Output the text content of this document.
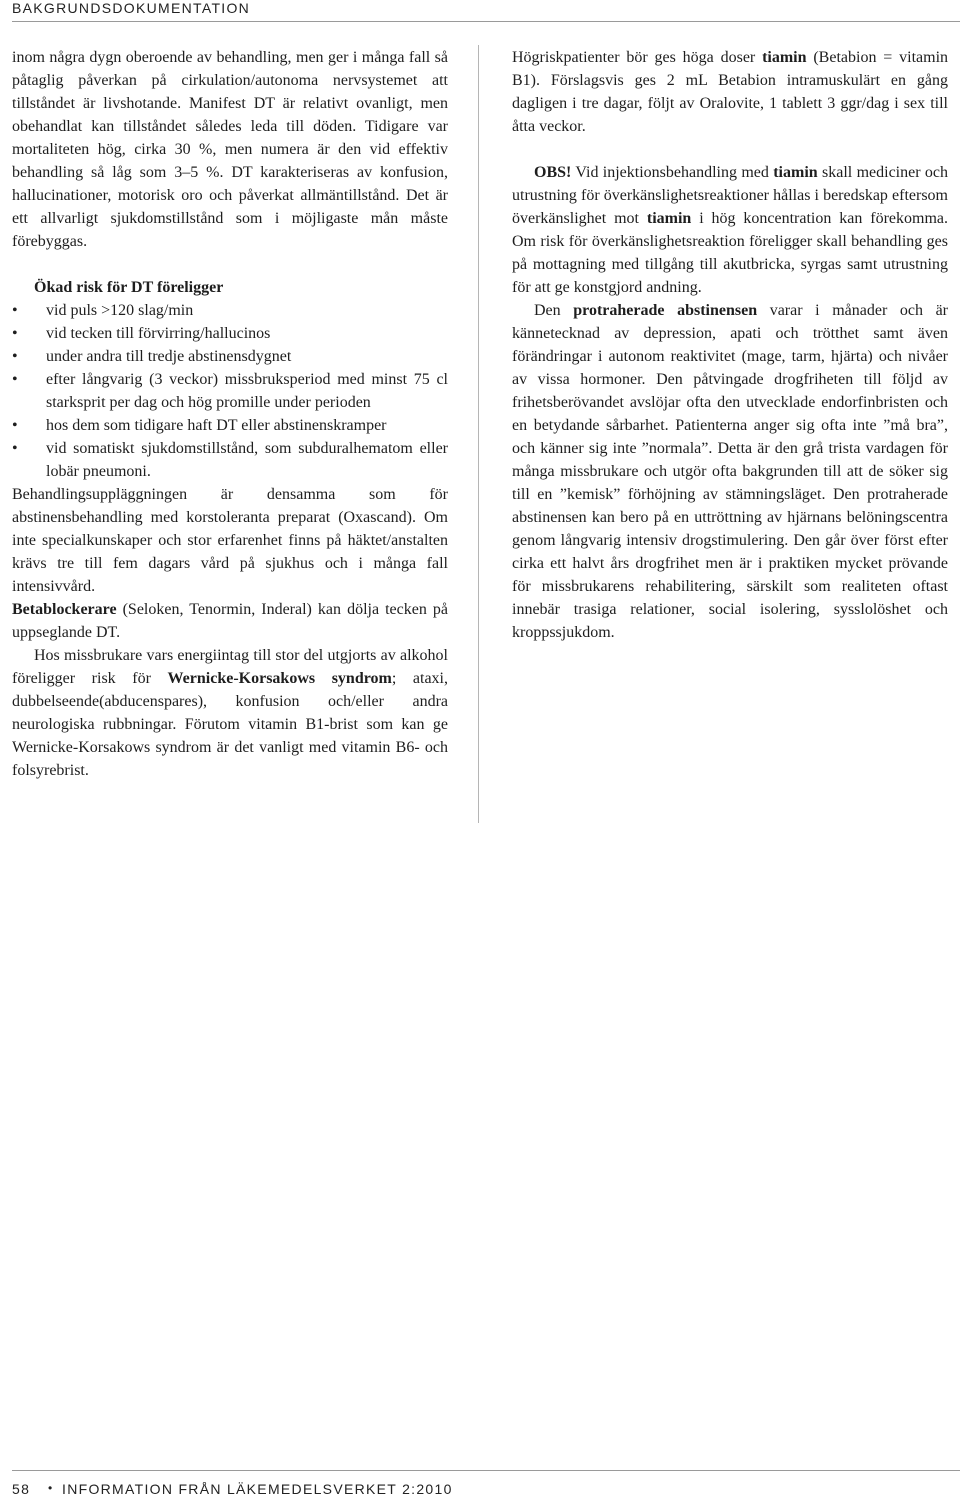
BAKGRUNDSDOKUMENTATION

inom några dygn oberoende av behandling, men ger i många fall så påtaglig påverkan på cirkulation/autonoma nervsystemet att tillståndet är livshotande. Manifest DT är relativt ovanligt, men obehandlat kan tillståndet således leda till döden. Tidigare var mortaliteten hög, cirka 30 %, men numera är den vid effektiv behandling så låg som 3–5 %. DT karakteriseras av konfusion, hallucinationer, motorisk oro och påverkat allmäntillstånd. Det är ett allvarligt sjukdomstillstånd som i möjligaste mån måste förebyggas.

Ökad risk för DT föreligger

• vid puls >120 slag/min
• vid tecken till förvirring/hallucinos
• under andra till tredje abstinensdygnet
• efter långvarig (3 veckor) missbruksperiod med minst 75 cl starksprit per dag och hög promille under perioden
• hos dem som tidigare haft DT eller abstinenskramper
• vid somatiskt sjukdomstillstånd, som subduralhematom eller lobär pneumoni.

Behandlingsuppläggningen är densamma som för abstinensbehandling med korstoleranta preparat (Oxascand). Om inte specialkunskaper och stor erfarenhet finns på häktet/anstalten krävs tre till fem dagars vård på sjukhus och i många fall intensivvård.

Betablockerare (Seloken, Tenormin, Inderal) kan dölja tecken på uppseglande DT.

Hos missbrukare vars energiintag till stor del utgjorts av alkohol föreligger risk för Wernicke-Korsakows syndrom; ataxi, dubbelseende(abducenspares), konfusion och/eller andra neurologiska rubbningar. Förutom vitamin B1-brist som kan ge Wernicke-Korsakows syndrom är det vanligt med vitamin B6- och folsyrebrist.

Högriskpatienter bör ges höga doser tiamin (Betabion = vitamin B1). Förslagsvis ges 2 mL Betabion intramuskulärt en gång dagligen i tre dagar, följt av Oralovite, 1 tablett 3 ggr/dag i sex till åtta veckor.

OBS! Vid injektionsbehandling med tiamin skall mediciner och utrustning för överkänslighetsreaktioner hållas i beredskap eftersom överkänslighet mot tiamin i hög koncentration kan förekomma. Om risk för överkänslighetsreaktion föreligger skall behandling ges på mottagning med tillgång till akutbricka, syrgas samt utrustning för att ge konstgjord andning.

Den protraherade abstinensen varar i månader och är kännetecknad av depression, apati och trötthet samt även förändringar i autonom reaktivitet (mage, tarm, hjärta) och nivåer av vissa hormoner. Den påtvingade drogfriheten till följd av frihetsberövandet avslöjar ofta den utvecklade endorfinbristen och en betydande sårbarhet. Patienterna anger sig ofta inte ”må bra”, och känner sig inte ”normala”. Detta är den grå trista vardagen för många missbrukare och utgör ofta bakgrunden till att de söker sig till en ”kemisk” förhöjning av stämningsläget. Den protraherade abstinensen kan bero på en uttröttning av hjärnans belöningscentra genom långvarig intensiv drogstimulering. Den går över först efter cirka ett halvt års drogfrihet men är i praktiken mycket prövande för missbrukarens rehabilitering, särskilt som realiteten oftast innebär trasiga relationer, social isolering, sysslolöshet och kroppssjukdom.

58 • INFORMATION FRÅN LÄKEMEDELSVERKET 2:2010
